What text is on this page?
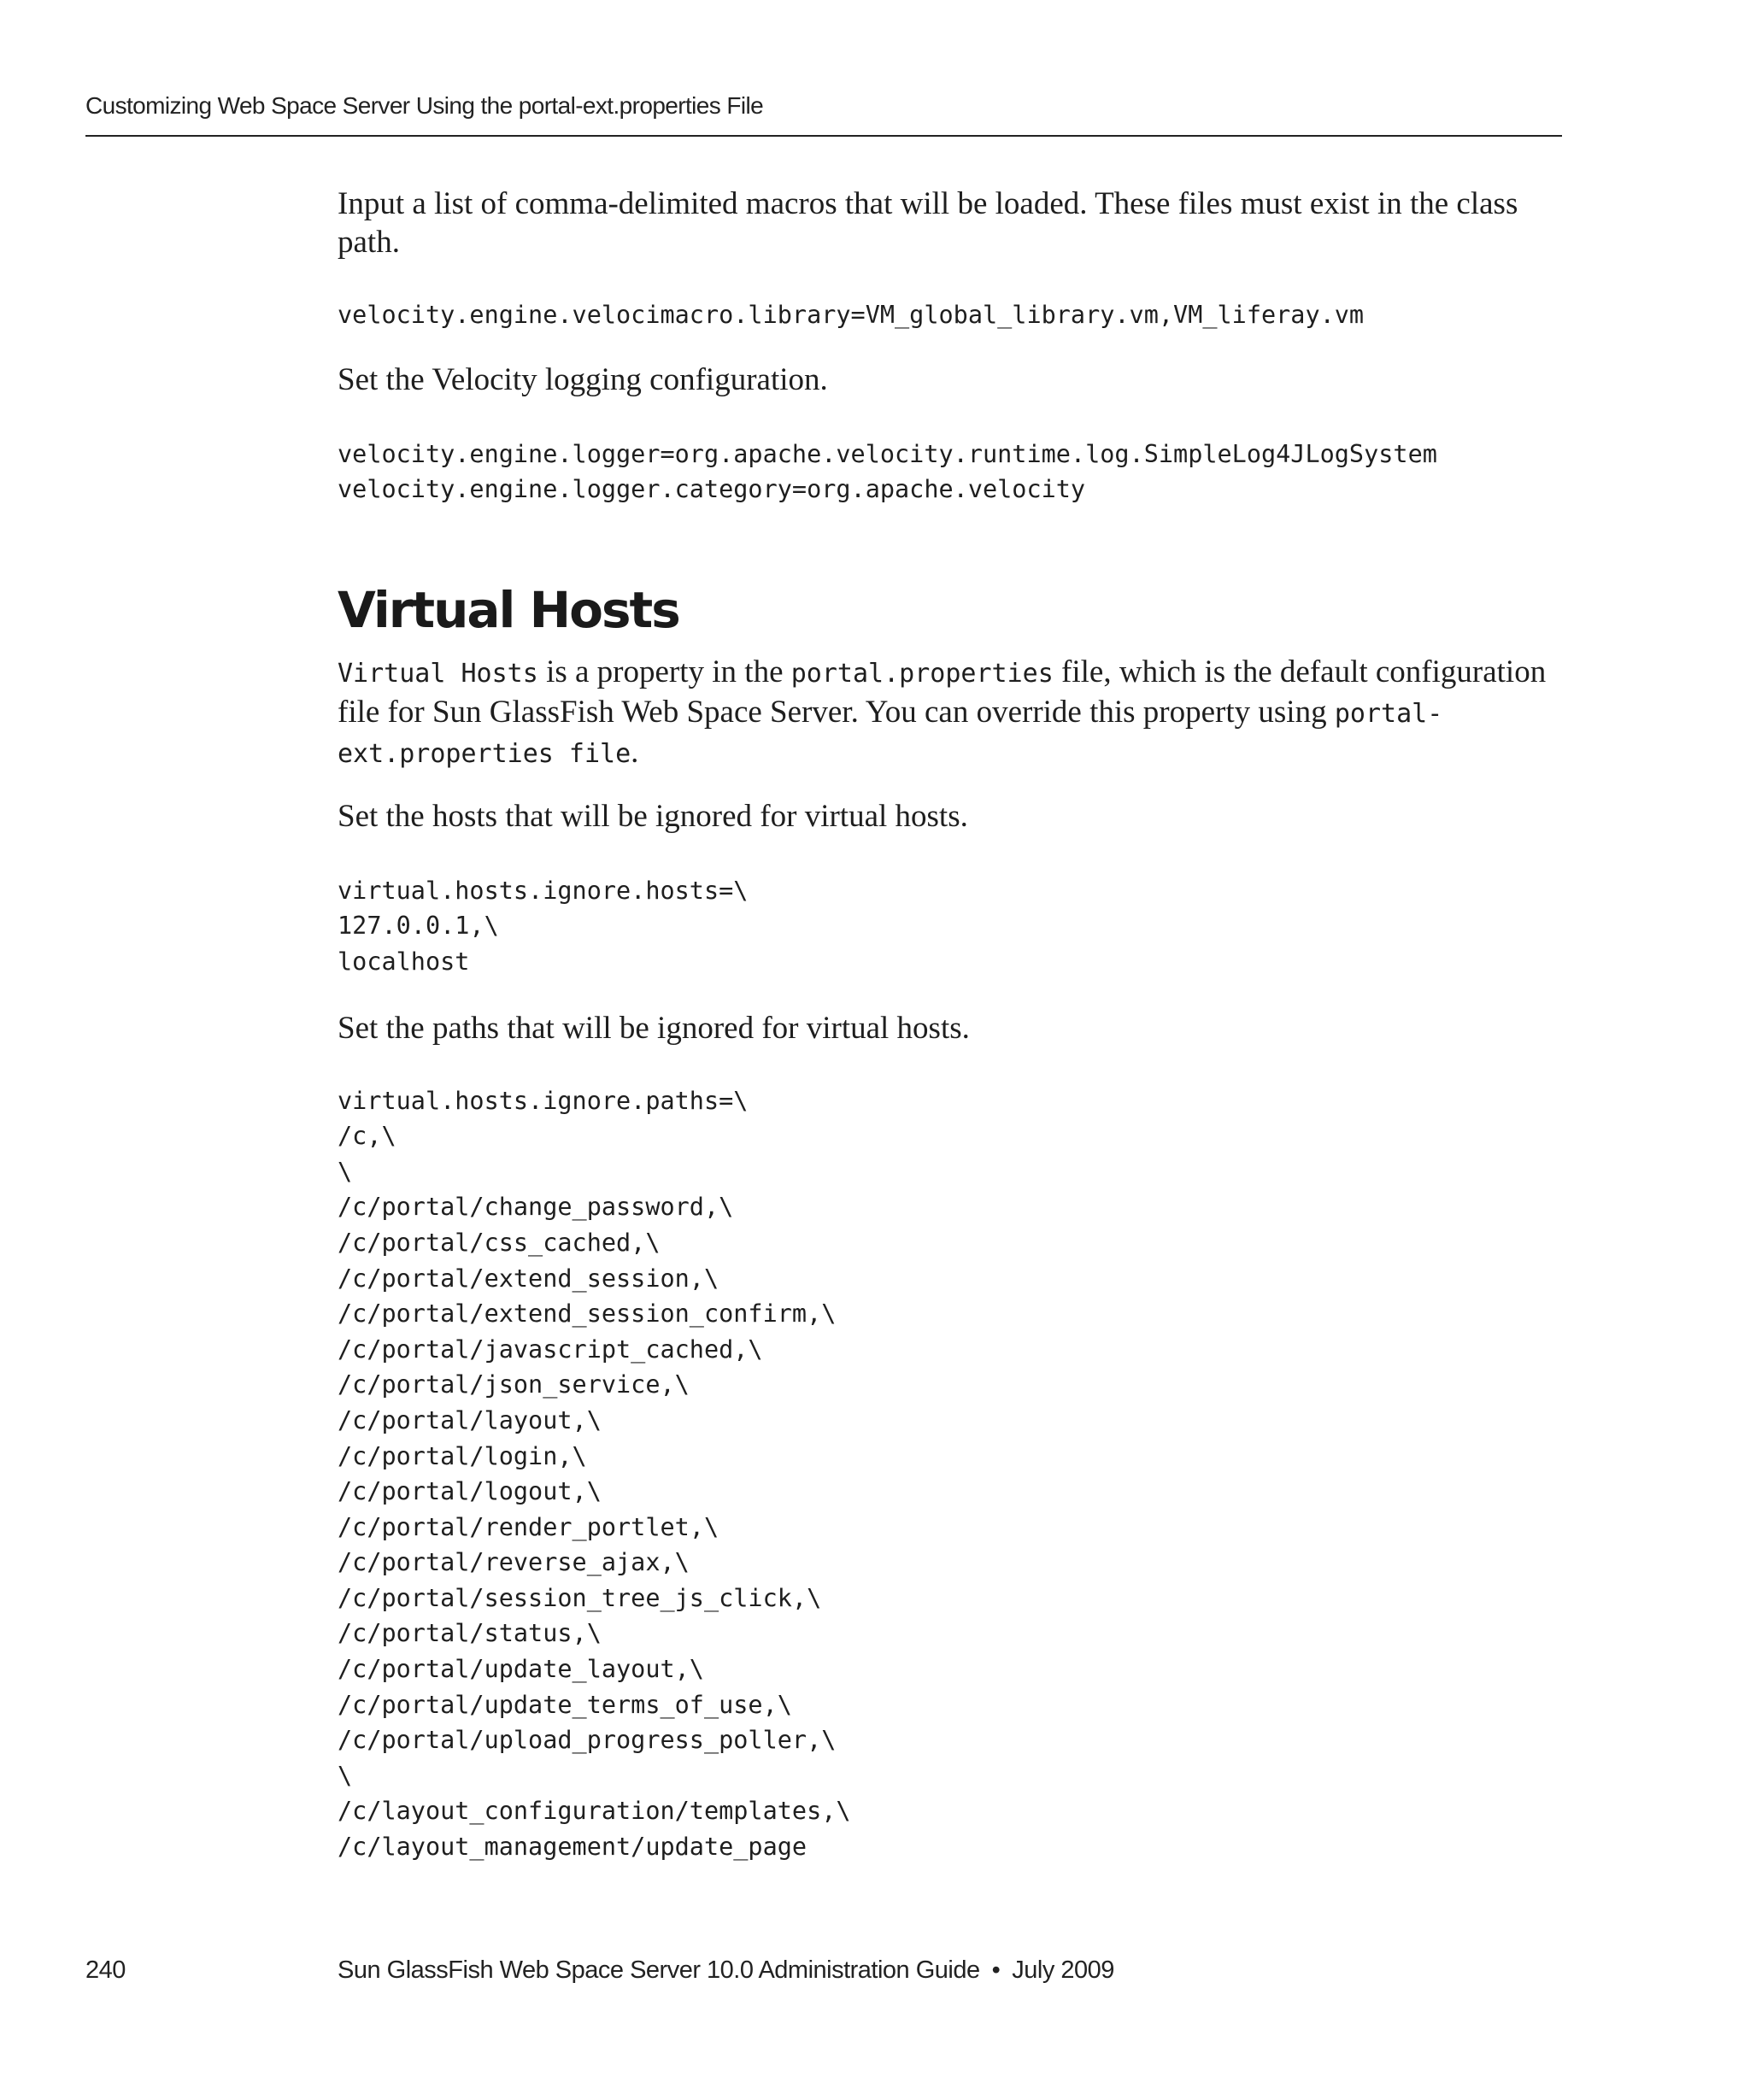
Customizing Web Space Server Using the portal-ext.properties File

Input a list of comma-delimited macros that will be loaded. These files must exist in the class path.

velocity.engine.velocimacro.library=VM_global_library.vm,VM_liferay.vm

Set the Velocity logging configuration.

velocity.engine.logger=org.apache.velocity.runtime.log.SimpleLog4JLogSystem
velocity.engine.logger.category=org.apache.velocity
Virtual Hosts

Virtual Hosts is a property in the portal.properties file, which is the default configuration file for Sun GlassFish Web Space Server. You can override this property using portal-ext.properties file.

Set the hosts that will be ignored for virtual hosts.

virtual.hosts.ignore.hosts=\
127.0.0.1,\
localhost

Set the paths that will be ignored for virtual hosts.

virtual.hosts.ignore.paths=\
/c,\
\
/c/portal/change_password,\
/c/portal/css_cached,\
/c/portal/extend_session,\
/c/portal/extend_session_confirm,\
/c/portal/javascript_cached,\
/c/portal/json_service,\
/c/portal/layout,\
/c/portal/login,\
/c/portal/logout,\
/c/portal/render_portlet,\
/c/portal/reverse_ajax,\
/c/portal/session_tree_js_click,\
/c/portal/status,\
/c/portal/update_layout,\
/c/portal/update_terms_of_use,\
/c/portal/upload_progress_poller,\
\
/c/layout_configuration/templates,\
/c/layout_management/update_page
240	Sun GlassFish Web Space Server 10.0 Administration Guide • July 2009
